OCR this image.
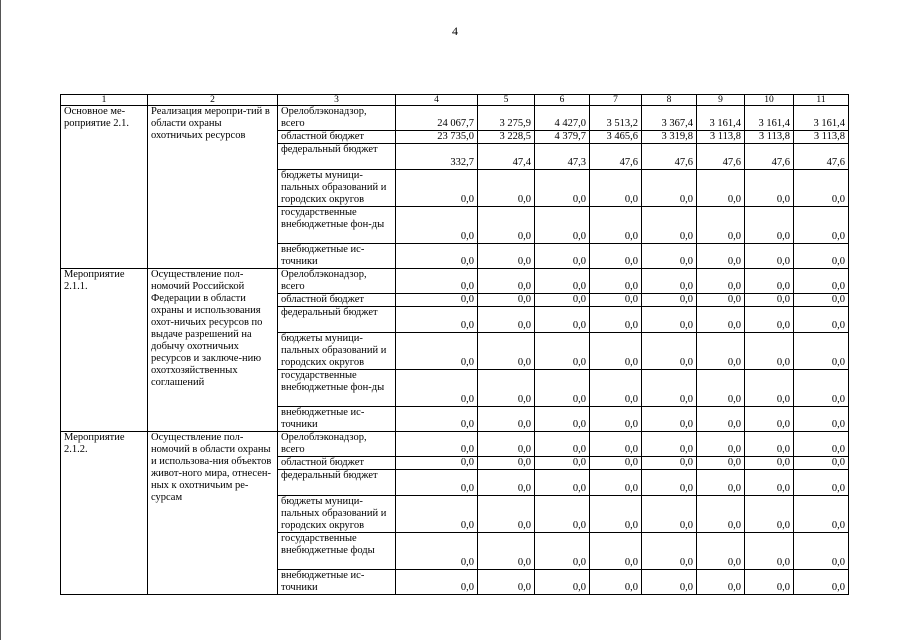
4
1	2	3	4	5	6	7	8	9	10	11
Основное ме-роприятие 2.1.	Реализация меропри-тий в области охраны охотничьих ресурсов	Орелоблэконадзор, всего	24 067,7	3 275,9	4 427,0	3 513,2	3 367,4	3 161,4	3 161,4	3 161,4
		областной бюджет	23 735,0	3 228,5	4 379,7	3 465,6	3 319,8	3 113,8	3 113,8	3 113,8
		федеральный бюджет	332,7	47,4	47,3	47,6	47,6	47,6	47,6	47,6
		бюджеты муници-пальных образований и городских округов	0,0	0,0	0,0	0,0	0,0	0,0	0,0	0,0
		государственные внебюджетные фон-ды	0,0	0,0	0,0	0,0	0,0	0,0	0,0	0,0
		внебюджетные ис-точники	0,0	0,0	0,0	0,0	0,0	0,0	0,0	0,0
Мероприятие 2.1.1.	Осуществление пол-номочий Российской Федерации в области охраны и использования охот-ничьих ресурсов по выдаче разрешений на добычу охотничьих ресурсов и заключе-нию охотхозяйственных соглашений	Орелоблэконадзор, всего	0,0	0,0	0,0	0,0	0,0	0,0	0,0	0,0
		областной бюджет	0,0	0,0	0,0	0,0	0,0	0,0	0,0	0,0
		федеральный бюджет	0,0	0,0	0,0	0,0	0,0	0,0	0,0	0,0
		бюджеты муници-пальных образований и городских округов	0,0	0,0	0,0	0,0	0,0	0,0	0,0	0,0
		государственные внебюджетные фон-ды	0,0	0,0	0,0	0,0	0,0	0,0	0,0	0,0
		внебюджетные ис-точники	0,0	0,0	0,0	0,0	0,0	0,0	0,0	0,0
Мероприятие 2.1.2.	Осуществление пол-номочий в области охраны и использова-ния объектов живот-ного мира, отнесен-ных к охотничьим ре-сурсам	Орелоблэконадзор, всего	0,0	0,0	0,0	0,0	0,0	0,0	0,0	0,0
		областной бюджет	0,0	0,0	0,0	0,0	0,0	0,0	0,0	0,0
		федеральный бюджет	0,0	0,0	0,0	0,0	0,0	0,0	0,0	0,0
		бюджеты муници-пальных образований и городских округов	0,0	0,0	0,0	0,0	0,0	0,0	0,0	0,0
		государственные внебюджетные фоды	0,0	0,0	0,0	0,0	0,0	0,0	0,0	0,0
		внебюджетные ис-точники	0,0	0,0	0,0	0,0	0,0	0,0	0,0	0,0
